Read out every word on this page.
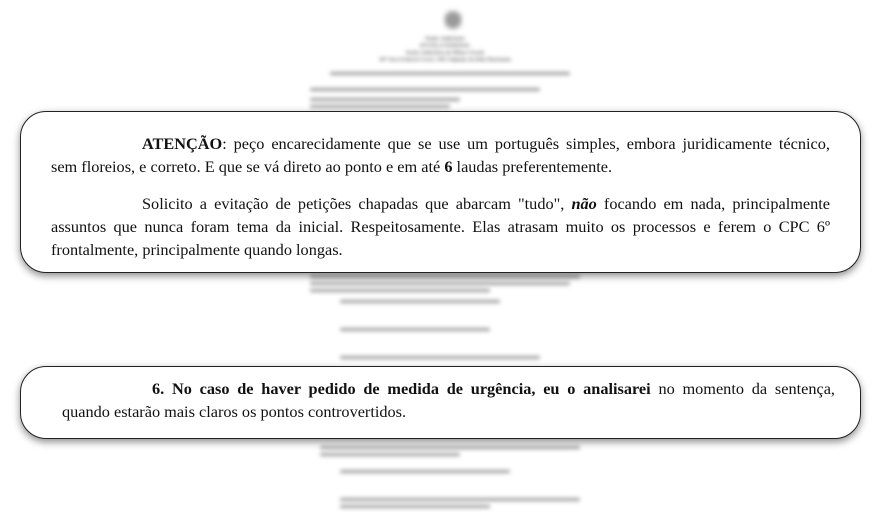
Poder Judiciário
JUSTIÇA FEDERAL
Seção Judiciária de Minas Gerais
30ª Vara Federal Cível e JEF Adjunto de Belo Horizonte

ATENÇÃO: peço encarecidamente que se use um português simples, embora juridicamente técnico,
sem floreios, e correto. E que se vá direto ao ponto e em até 6 laudas preferentemente.

Solicito a evitação de petições chapadas que abarcam "tudo", não focando em nada, principalmente
assuntos que nunca foram tema da inicial. Respeitosamente. Elas atrasam muito os processos e ferem o CPC 6º
frontalmente, principalmente quando longas.

6. No caso de haver pedido de medida de urgência, eu o analisarei no momento da sentença,
quando estarão mais claros os pontos controvertidos.
